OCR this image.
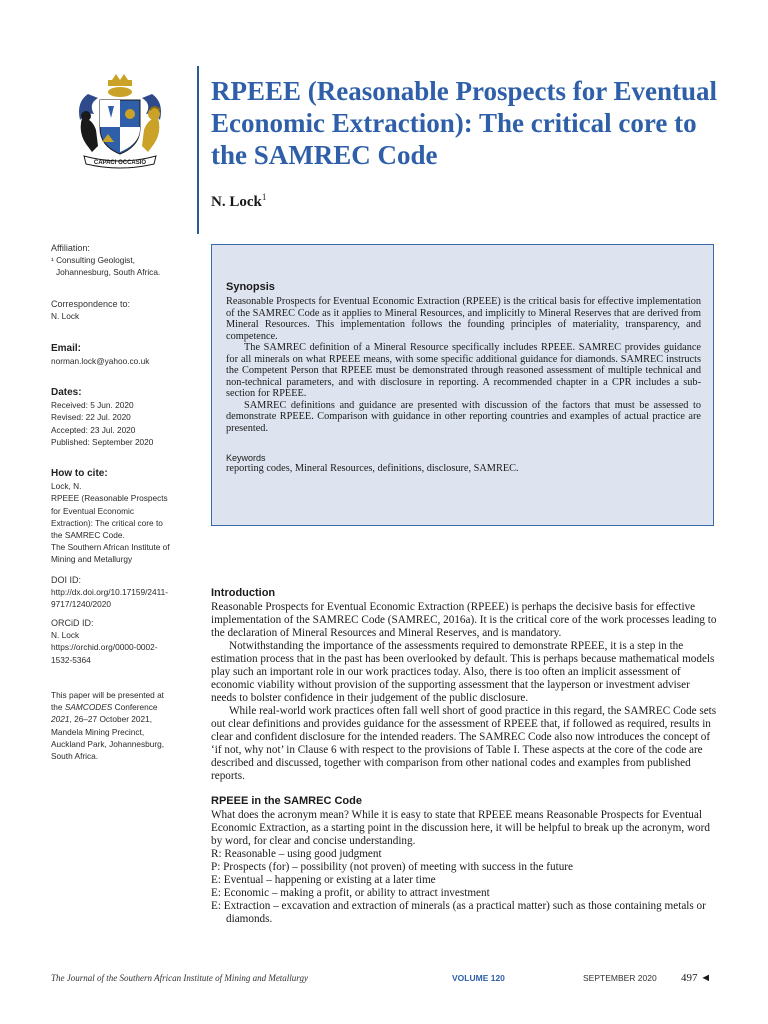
CAPACI OCCASIO
RPEEE (Reasonable Prospects for Eventual Economic Extraction): The critical core to the SAMREC Code
N. Lock$^1$
Affiliation:
¹ Consulting Geologist,
Johannesburg, South Africa.
Correspondence to:
N. Lock
Email:
norman.lock@yahoo.co.uk
Dates:
Received: 5 Jun. 2020
Revised: 22 Jul. 2020
Accepted: 23 Jul. 2020
Published: September 2020
How to cite:
Lock, N.
RPEEE (Reasonable Prospects
for Eventual Economic
Extraction): The critical core to
the SAMREC Code.
The Southern African Institute of
Mining and Metallurgy
DOI ID:
http://dx.doi.org/10.17159/2411-
9717/1240/2020
ORCiD ID:
N. Lock
https://orchid.org/0000-0002-
1532-5364
This paper will be presented at
the SAMCODES Conference
2021, 26–27 October 2021,
Mandela Mining Precinct,
Auckland Park, Johannesburg,
South Africa.
Synopsis

Reasonable Prospects for Eventual Economic Extraction (RPEEE) is the critical basis for effective implementation of the SAMREC Code as it applies to Mineral Resources, and implicitly to Mineral Reserves that are derived from Mineral Resources. This implementation follows the founding principles of materiality, transparency, and competence.

The SAMREC definition of a Mineral Resource specifically includes RPEEE. SAMREC provides guidance for all minerals on what RPEEE means, with some specific additional guidance for diamonds. SAMREC instructs the Competent Person that RPEEE must be demonstrated through reasoned assessment of multiple technical and non-technical parameters, and with disclosure in reporting. A recommended chapter in a CPR includes a sub-section for RPEEE.

SAMREC definitions and guidance are presented with discussion of the factors that must be assessed to demonstrate RPEEE. Comparison with guidance in other reporting countries and examples of actual practice are presented.

Keywords
reporting codes, Mineral Resources, definitions, disclosure, SAMREC.
Introduction

Reasonable Prospects for Eventual Economic Extraction (RPEEE) is perhaps the decisive basis for effective implementation of the SAMREC Code (SAMREC, 2016a). It is the critical core of the work processes leading to the declaration of Mineral Resources and Mineral Reserves, and is mandatory.

Notwithstanding the importance of the assessments required to demonstrate RPEEE, it is a step in the estimation process that in the past has been overlooked by default. This is perhaps because mathematical models play such an important role in our work practices today. Also, there is too often an implicit assessment of economic viability without provision of the supporting assessment that the layperson or investment adviser needs to bolster confidence in their judgement of the public disclosure.

While real-world work practices often fall well short of good practice in this regard, the SAMREC Code sets out clear definitions and provides guidance for the assessment of RPEEE that, if followed as required, results in clear and confident disclosure for the intended readers. The SAMREC Code also now introduces the concept of ‘if not, why not’ in Clause 6 with respect to the provisions of Table I. These aspects at the core of the code are described and discussed, together with comparison from other national codes and examples from published reports.

RPEEE in the SAMREC Code

What does the acronym mean? While it is easy to state that RPEEE means Reasonable Prospects for Eventual Economic Extraction, as a starting point in the discussion here, it will be helpful to break up the acronym, word by word, for clear and concise understanding.

R: Reasonable – using good judgment
P: Prospects (for) – possibility (not proven) of meeting with success in the future
E: Eventual – happening or existing at a later time
E: Economic – making a profit, or ability to attract investment
E: Extraction – excavation and extraction of minerals (as a practical matter) such as those containing metals or diamonds.
The Journal of the Southern African Institute of Mining and Metallurgy	VOLUME 120	SEPTEMBER 2020 497 ◄
